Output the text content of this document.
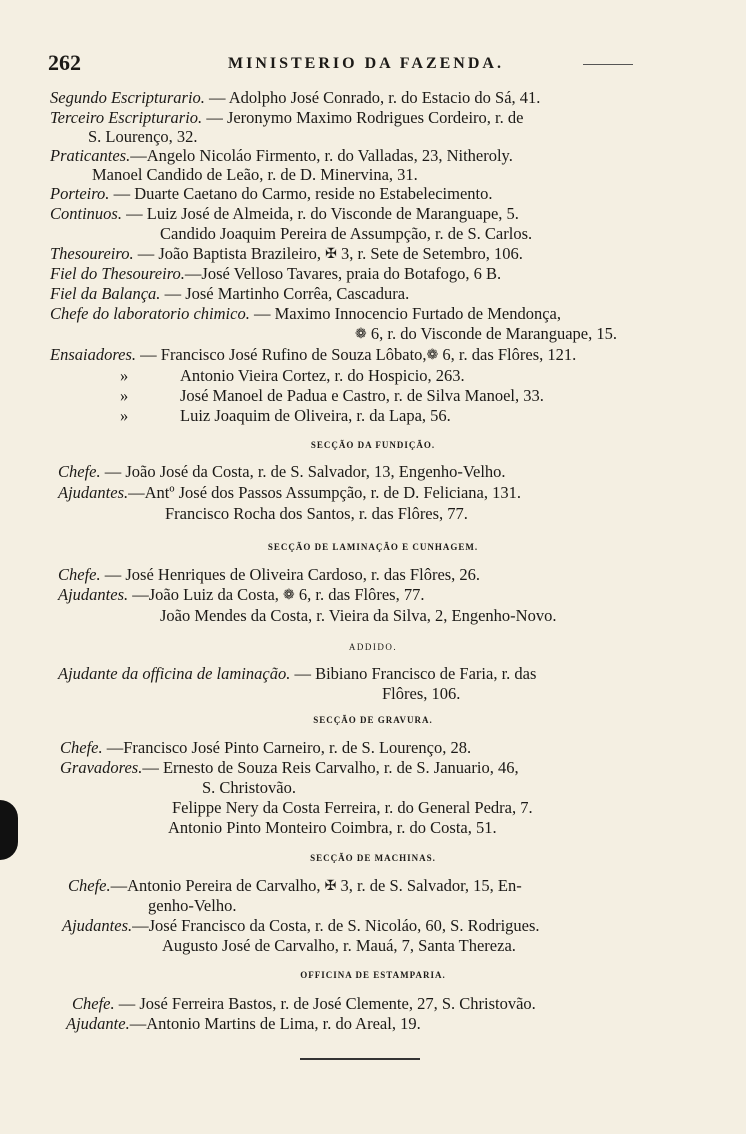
262	MINISTERIO DA FAZENDA.
Segundo Escripturario. — Adolpho José Conrado, r. do Estacio do Sá, 41.
Terceiro Escripturario. — Jeronymo Maximo Rodrigues Cordeiro, r. de
S. Lourenço, 32.
Praticantes.—Angelo Nicoláo Firmento, r. do Valladas, 23, Nitheroly.
Manoel Candido de Leão, r. de D. Minervina, 31.
Porteiro. — Duarte Caetano do Carmo, reside no Estabelecimento.
Continuos. — Luiz José de Almeida, r. do Visconde de Maranguape, 5.
Candido Joaquim Pereira de Assumpção, r. de S. Carlos.
Thesoureiro. — João Baptista Brazileiro, ✠ 3, r. Sete de Setembro, 106.
Fiel do Thesoureiro.—José Velloso Tavares, praia do Botafogo, 6 B.
Fiel da Balança. — José Martinho Corrêa, Cascadura.
Chefe do laboratorio chimico. — Maximo Innocencio Furtado de Mendonça,
❁ 6, r. do Visconde de Maranguape, 15.
Ensaiadores. — Francisco José Rufino de Souza Lôbato,❁ 6, r. das Flôres, 121.
»	Antonio Vieira Cortez, r. do Hospicio, 263.
»	José Manoel de Padua e Castro, r. de Silva Manoel, 33.
»	Luiz Joaquim de Oliveira, r. da Lapa, 56.
SECÇÃO DA FUNDIÇÃO.
Chefe. — João José da Costa, r. de S. Salvador, 13, Engenho-Velho.
Ajudantes.—Antº José dos Passos Assumpção, r. de D. Feliciana, 131.
Francisco Rocha dos Santos, r. das Flôres, 77.
SECÇÃO DE LAMINAÇÃO E CUNHAGEM.
Chefe. — José Henriques de Oliveira Cardoso, r. das Flôres, 26.
Ajudantes. —João Luiz da Costa, ❁ 6, r. das Flôres, 77.
João Mendes da Costa, r. Vieira da Silva, 2, Engenho-Novo.
ADDIDO.
Ajudante da officina de laminação. — Bibiano Francisco de Faria, r. das
Flôres, 106.
SECÇÃO DE GRAVURA.
Chefe. —Francisco José Pinto Carneiro, r. de S. Lourenço, 28.
Gravadores.— Ernesto de Souza Reis Carvalho, r. de S. Januario, 46,
S. Christovão.
Felippe Nery da Costa Ferreira, r. do General Pedra, 7.
Antonio Pinto Monteiro Coimbra, r. do Costa, 51.
SECÇÃO DE MACHINAS.
Chefe.—Antonio Pereira de Carvalho, ✠ 3, r. de S. Salvador, 15, En-
genho-Velho.
Ajudantes.—José Francisco da Costa, r. de S. Nicoláo, 60, S. Rodrigues.
Augusto José de Carvalho, r. Mauá, 7, Santa Thereza.
OFFICINA DE ESTAMPARIA.
Chefe. — José Ferreira Bastos, r. de José Clemente, 27, S. Christovão.
Ajudante.—Antonio Martins de Lima, r. do Areal, 19.
